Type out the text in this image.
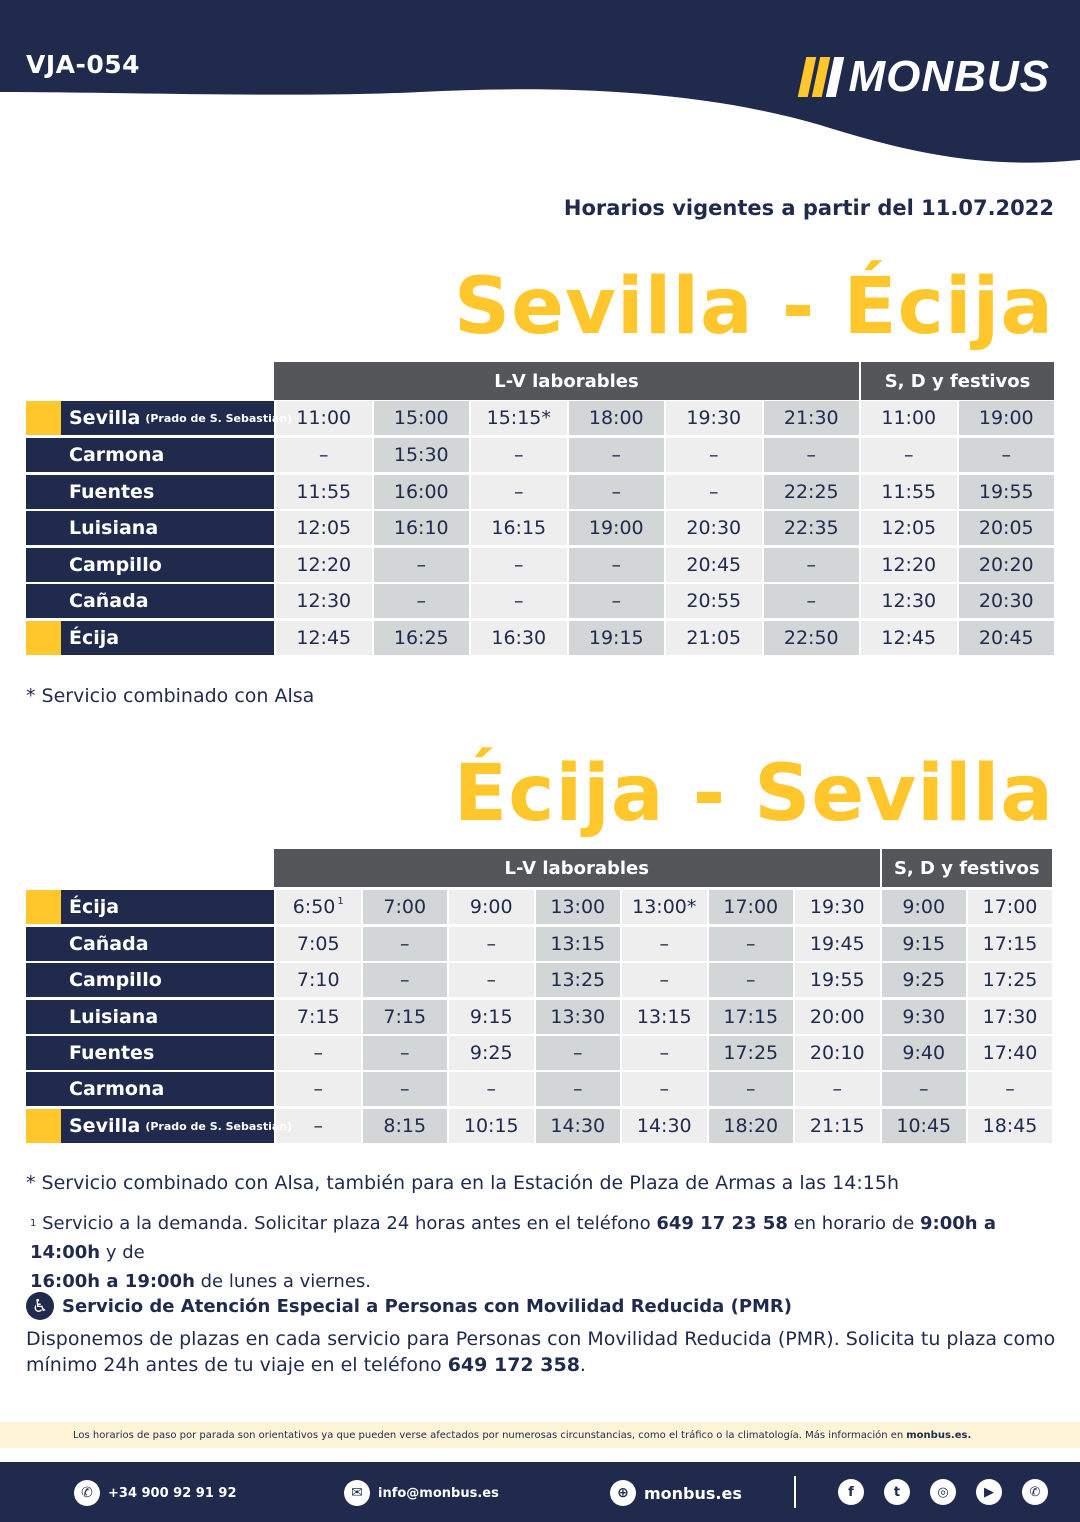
VJA-054	MONBUS
Horarios vigentes a partir del 11.07.2022
Sevilla - Écija
L-V laborables	S, D y festivos
Sevilla (Prado de S. Sebastián) 11:00 15:00 15:15* 18:00 19:30 21:30 11:00 19:00
Carmona	–	15:30	–	–	–	–	–	–
Fuentes	11:55 16:00	–	–	–	22:25 11:55 19:55
Luisiana	12:05 16:10 16:15 19:00 20:30 22:35 12:05 20:05
Campillo	12:20	–	–	–	20:45	–	12:20 20:20
Cañada	12:30	–	–	–	20:55	–	12:30 20:30
Écija	12:45 16:25 16:30 19:15 21:05 22:50 12:45 20:45
* Servicio combinado con Alsa
Écija - Sevilla
L-V laborables	S, D y festivos
Écija	$6:50^1$ 7:00 9:00 13:00 13:00* 17:00 19:30 9:00 17:00
Cañada	7:05	–	–	13:15	–	–	19:45 9:15 17:15
Campillo	7:10	–	–	13:25	–	–	19:55 9:25 17:25
Luisiana	7:15 7:15 9:15 13:30 13:15 17:15 20:00 9:30 17:30
Fuentes	–	–	9:25	–	–	17:25 20:10 9:40 17:40
Carmona	–	–	–	–	–	–	–	–	–
Sevilla (Prado de S. Sebastián) –	8:15 10:15 14:30 14:30 18:20 21:15 10:45 18:45
* Servicio combinado con Alsa, también para en la Estación de Plaza de Armas a las 14:15h
$^1$ Servicio a la demanda. Solicitar plaza 24 horas antes en el teléfono 649 17 23 58 en horario de 9:00h a 14:00h y de
16:00h a 19:00h de lunes a viernes.
♿ Servicio de Atención Especial a Personas con Movilidad Reducida (PMR)
Disponemos de plazas en cada servicio para Personas con Movilidad Reducida (PMR). Solicita tu plaza como mínimo 24h antes de tu viaje en el teléfono 649 172 358.
Los horarios de paso por parada son orientativos ya que pueden verse afectados por numerosas circunstancias, como el tráfico o la climatología. Más información en monbus.es.
✆	+34 900 92 91 92	✉	info@monbus.es	⊕ monbus.es	f	t	◎	▶	✆
